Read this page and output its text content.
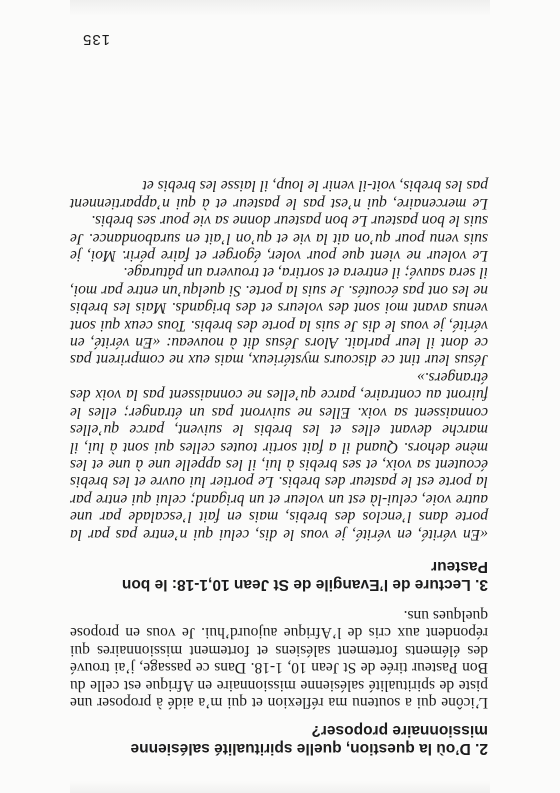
2. D’où la question, quelle spiritualité salésienne missionnaire proposer?

L’icône qui a soutenu ma réflexion et qui m’a aidé à proposer une piste de spiritualité salésienne missionnaire en Afrique est celle du Bon Pasteur tirée de St Jean 10, 1-18. Dans ce passage, j’ai trouvé des éléments fortement salésiens et fortement missionnaires qui répondent aux cris de l’Afrique aujourd’hui. Je vous en propose quelques uns.

3. Lecture de l’Evangile de St Jean 10,1-18: le bon Pasteur

«En vérité, en vérité, je vous le dis, celui qui n’entre pas par la porte dans l’enclos des brebis, mais en fait l’escalade par une autre voie, celui-là est un voleur et un brigand; celui qui entre par la porte est le pasteur des brebis. Le portier lui ouvre et les brebis écoutent sa voix, et ses brebis à lui, il les appelle une à une et les mène dehors. Quand il a fait sortir toutes celles qui sont à lui, il marche devant elles et les brebis le suivent, parce qu’elles connaissent sa voix. Elles ne suivront pas un étranger; elles le fuiront au contraire, parce qu’elles ne connaissent pas la voix des étrangers.»

Jésus leur tint ce discours mystérieux, mais eux ne comprirent pas ce dont il leur parlait. Alors Jésus dit à nouveau: «En vérité, en vérité, je vous le dis Je suis la porte des brebis. Tous ceux qui sont venus avant moi sont des voleurs et des brigands. Mais les brebis ne les ont pas écoutés. Je suis la porte. Si quelqu’un entre par moi, il sera sauvé; il entrera et sortira, et trouvera un pâturage.

Le voleur ne vient que pour voler, égorger et faire périr. Moi, je suis venu pour qu’on ait la vie et qu’on l’ait en surabondance. Je suis le bon pasteur Le bon pasteur donne sa vie pour ses brebis.

Le mercenaire, qui n’est pas le pasteur et à qui n’appartiennent pas les brebis, voit-il venir le loup, il laisse les brebis et

135
